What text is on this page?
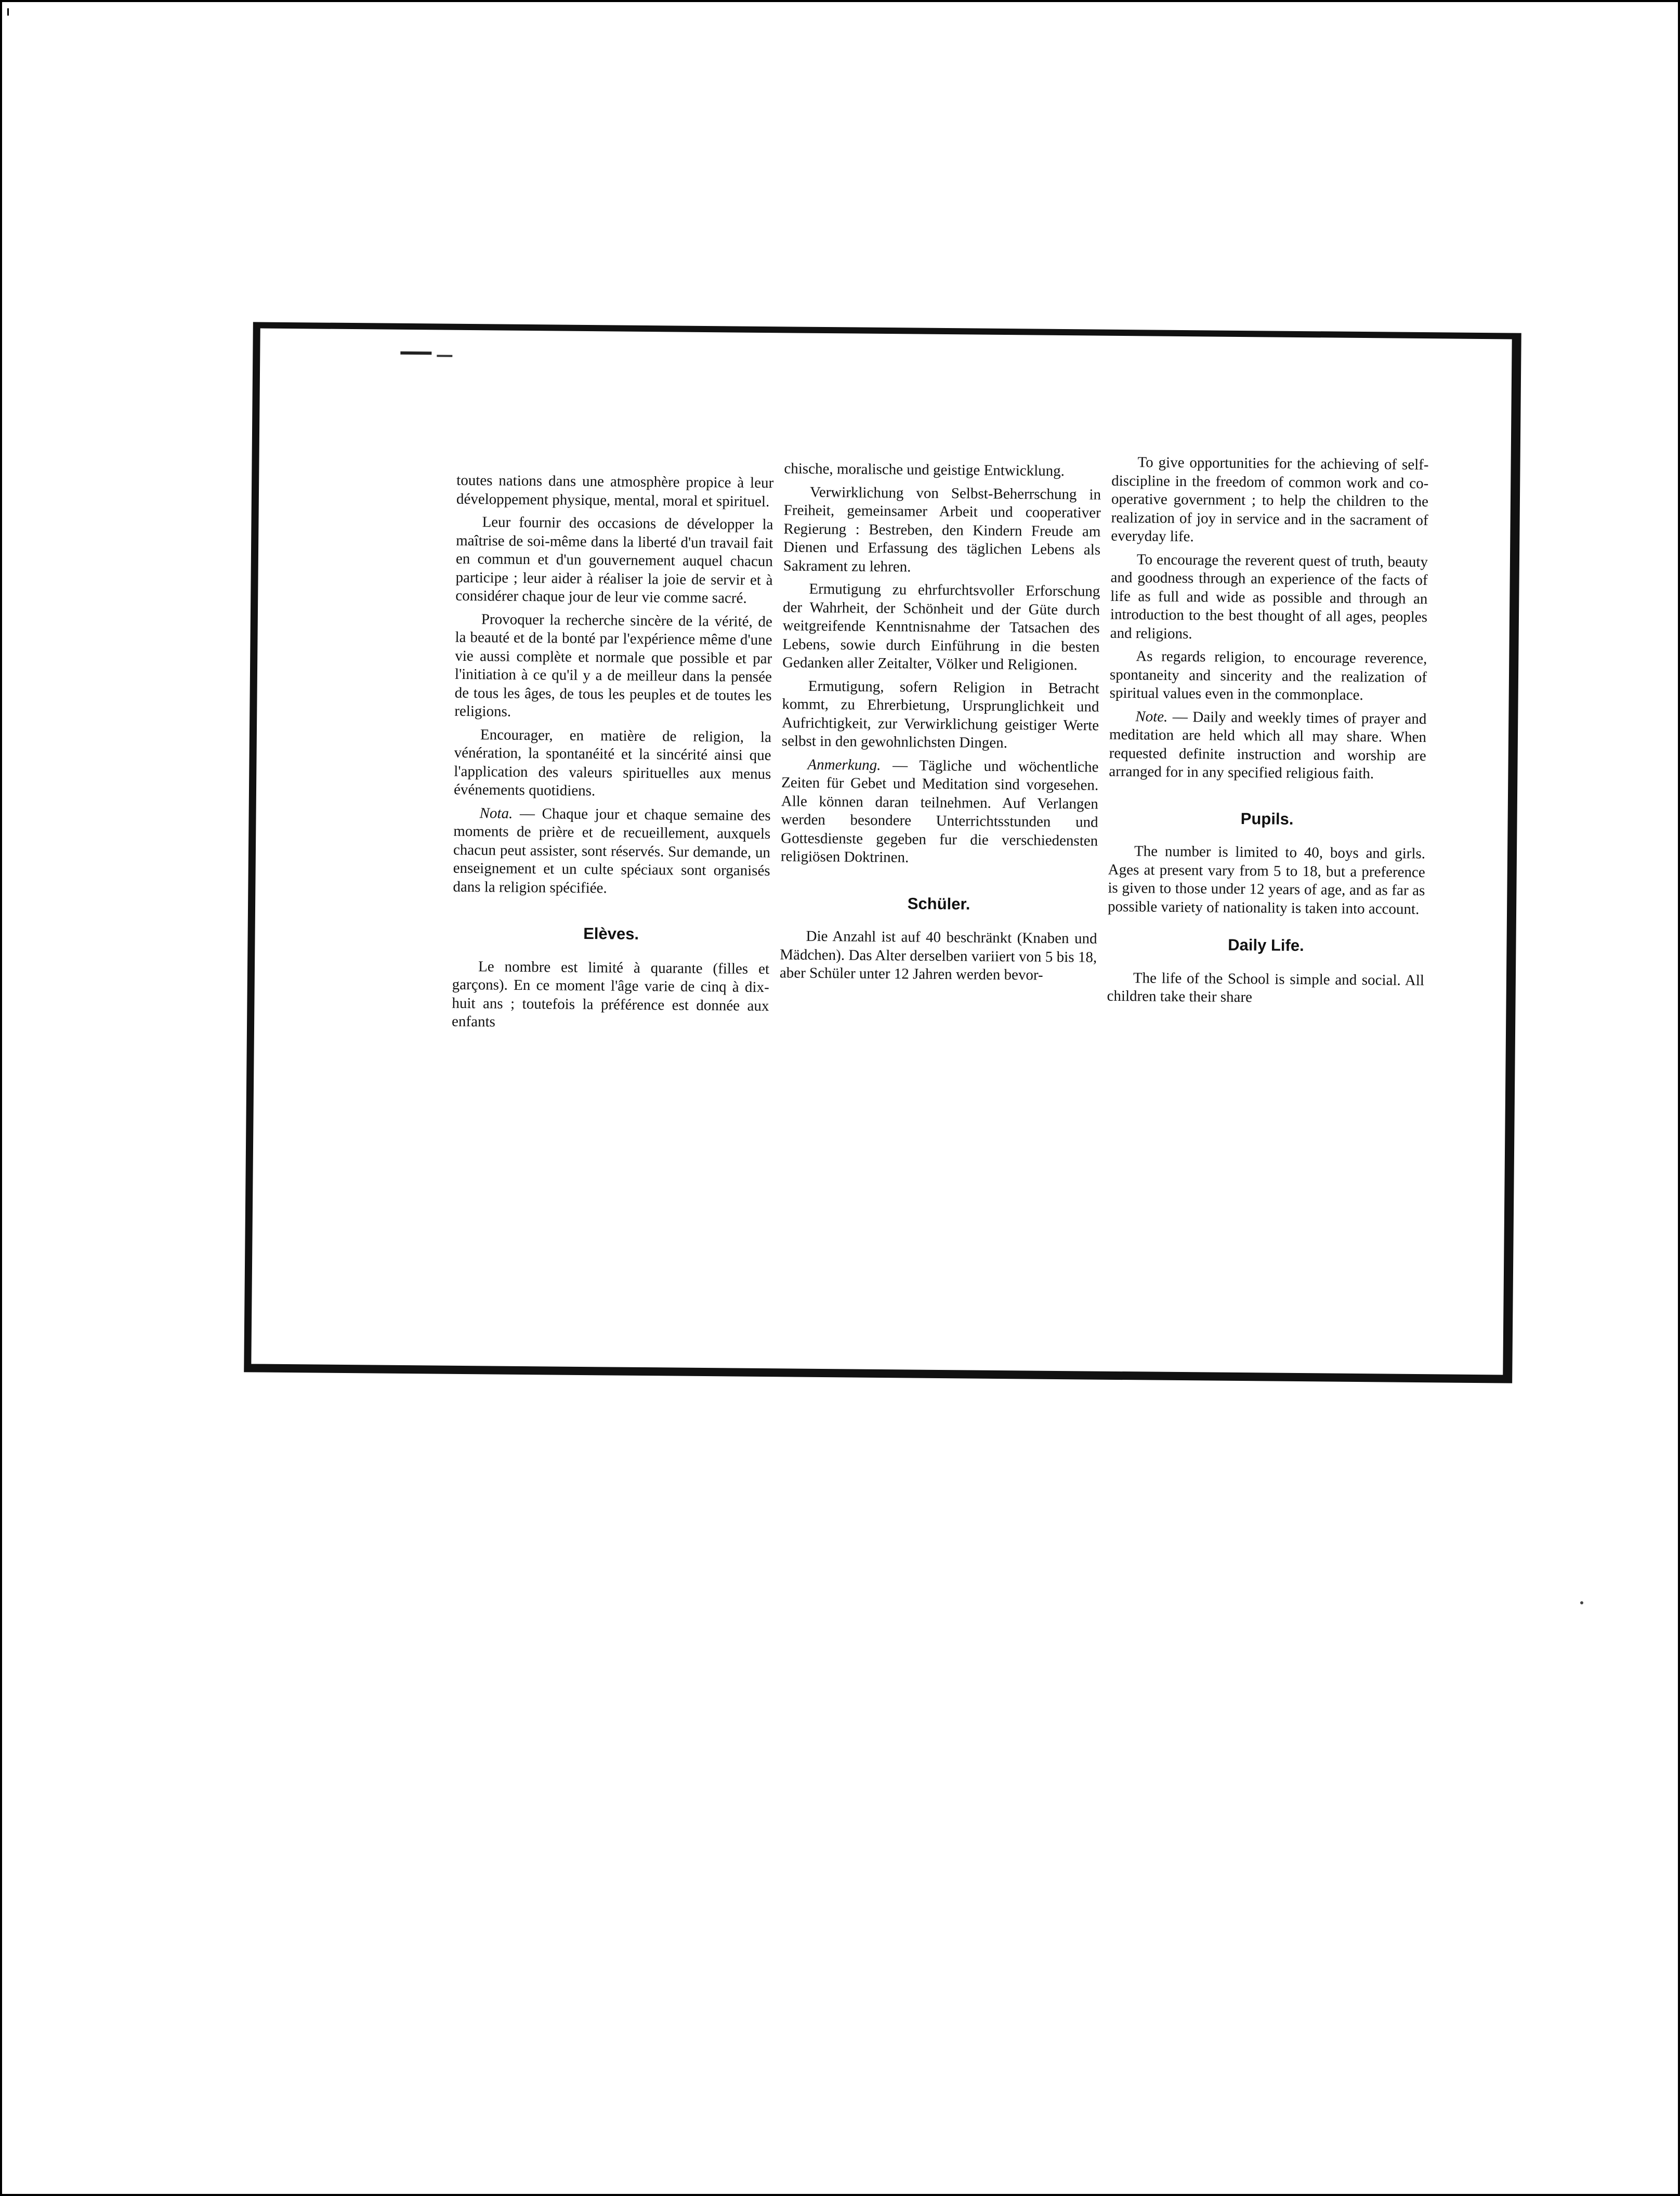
toutes nations dans une atmosphère propice à leur développement physique, mental, moral et spirituel.

Leur fournir des occasions de développer la maîtrise de soi-même dans la liberté d'un travail fait en commun et d'un gouvernement auquel chacun participe ; leur aider à réaliser la joie de servir et à considérer chaque jour de leur vie comme sacré.

Provoquer la recherche sincère de la vérité, de la beauté et de la bonté par l'expérience même d'une vie aussi complète et normale que possible et par l'initiation à ce qu'il y a de meilleur dans la pensée de tous les âges, de tous les peuples et de toutes les religions.

Encourager, en matière de religion, la vénération, la spontanéité et la sincérité ainsi que l'application des valeurs spirituelles aux menus événements quotidiens.

Nota. — Chaque jour et chaque semaine des moments de prière et de recueillement, auxquels chacun peut assister, sont réservés. Sur demande, un enseignement et un culte spéciaux sont organisés dans la religion spécifiée.

Elèves.

Le nombre est limité à quarante (filles et garçons). En ce moment l'âge varie de cinq à dix-huit ans ; toutefois la préférence est donnée aux enfants

chische, moralische und geistige Entwicklung.

Verwirklichung von Selbst-Beherrschung in Freiheit, gemeinsamer Arbeit und cooperativer Regierung : Bestreben, den Kindern Freude am Dienen und Erfassung des täglichen Lebens als Sakrament zu lehren.

Ermutigung zu ehrfurchtsvoller Erforschung der Wahrheit, der Schönheit und der Güte durch weitgreifende Kenntnisnahme der Tatsachen des Lebens, sowie durch Einführung in die besten Gedanken aller Zeitalter, Völker und Religionen.

Ermutigung, sofern Religion in Betracht kommt, zu Ehrerbietung, Ursprunglichkeit und Aufrichtigkeit, zur Verwirklichung geistiger Werte selbst in den gewohnlichsten Dingen.

Anmerkung. — Tägliche und wöchentliche Zeiten für Gebet und Meditation sind vorgesehen. Alle können daran teilnehmen. Auf Verlangen werden besondere Unterrichtsstunden und Gottesdienste gegeben fur die verschiedensten religiösen Doktrinen.

Schüler.

Die Anzahl ist auf 40 beschränkt (Knaben und Mädchen). Das Alter derselben variiert von 5 bis 18, aber Schüler unter 12 Jahren werden bevor-

To give opportunities for the achieving of self-discipline in the freedom of common work and co-operative government ; to help the children to the realization of joy in service and in the sacrament of everyday life.

To encourage the reverent quest of truth, beauty and goodness through an experience of the facts of life as full and wide as possible and through an introduction to the best thought of all ages, peoples and religions.

As regards religion, to encourage reverence, spontaneity and sincerity and the realization of spiritual values even in the commonplace.

Note. — Daily and weekly times of prayer and meditation are held which all may share. When requested definite instruction and worship are arranged for in any specified religious faith.

Pupils.

The number is limited to 40, boys and girls. Ages at present vary from 5 to 18, but a preference is given to those under 12 years of age, and as far as possible variety of nationality is taken into account.

Daily Life.

The life of the School is simple and social. All children take their share
